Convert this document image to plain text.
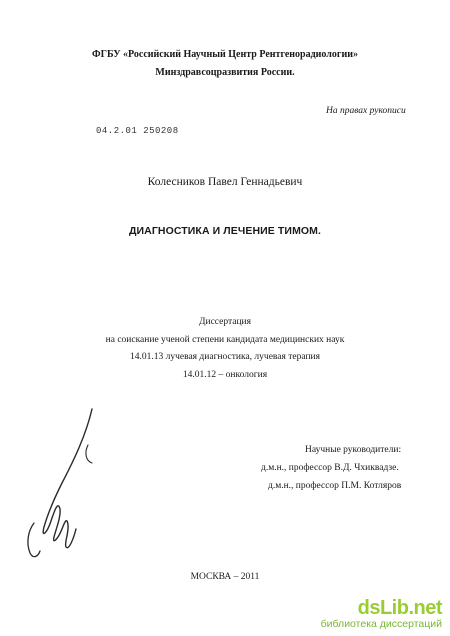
ФГБУ «Российский Научный Центр Рентгенорадиологии»
Минздравсоцразвития России.
На правах рукописи
04.2.01 250208
Колесников Павел Геннадьевич
ДИАГНОСТИКА И ЛЕЧЕНИЕ ТИМОМ.
Диссертация
на соискание ученой степени кандидата медицинских наук
14.01.13 лучевая диагностика, лучевая терапия
14.01.12 – онкология
Научные руководители:
д.м.н., профессор В.Д. Чхиквадзе.
д.м.н., профессор П.М. Котляров
МОСКВА – 2011
dsLib.net
библиотека диссертаций
